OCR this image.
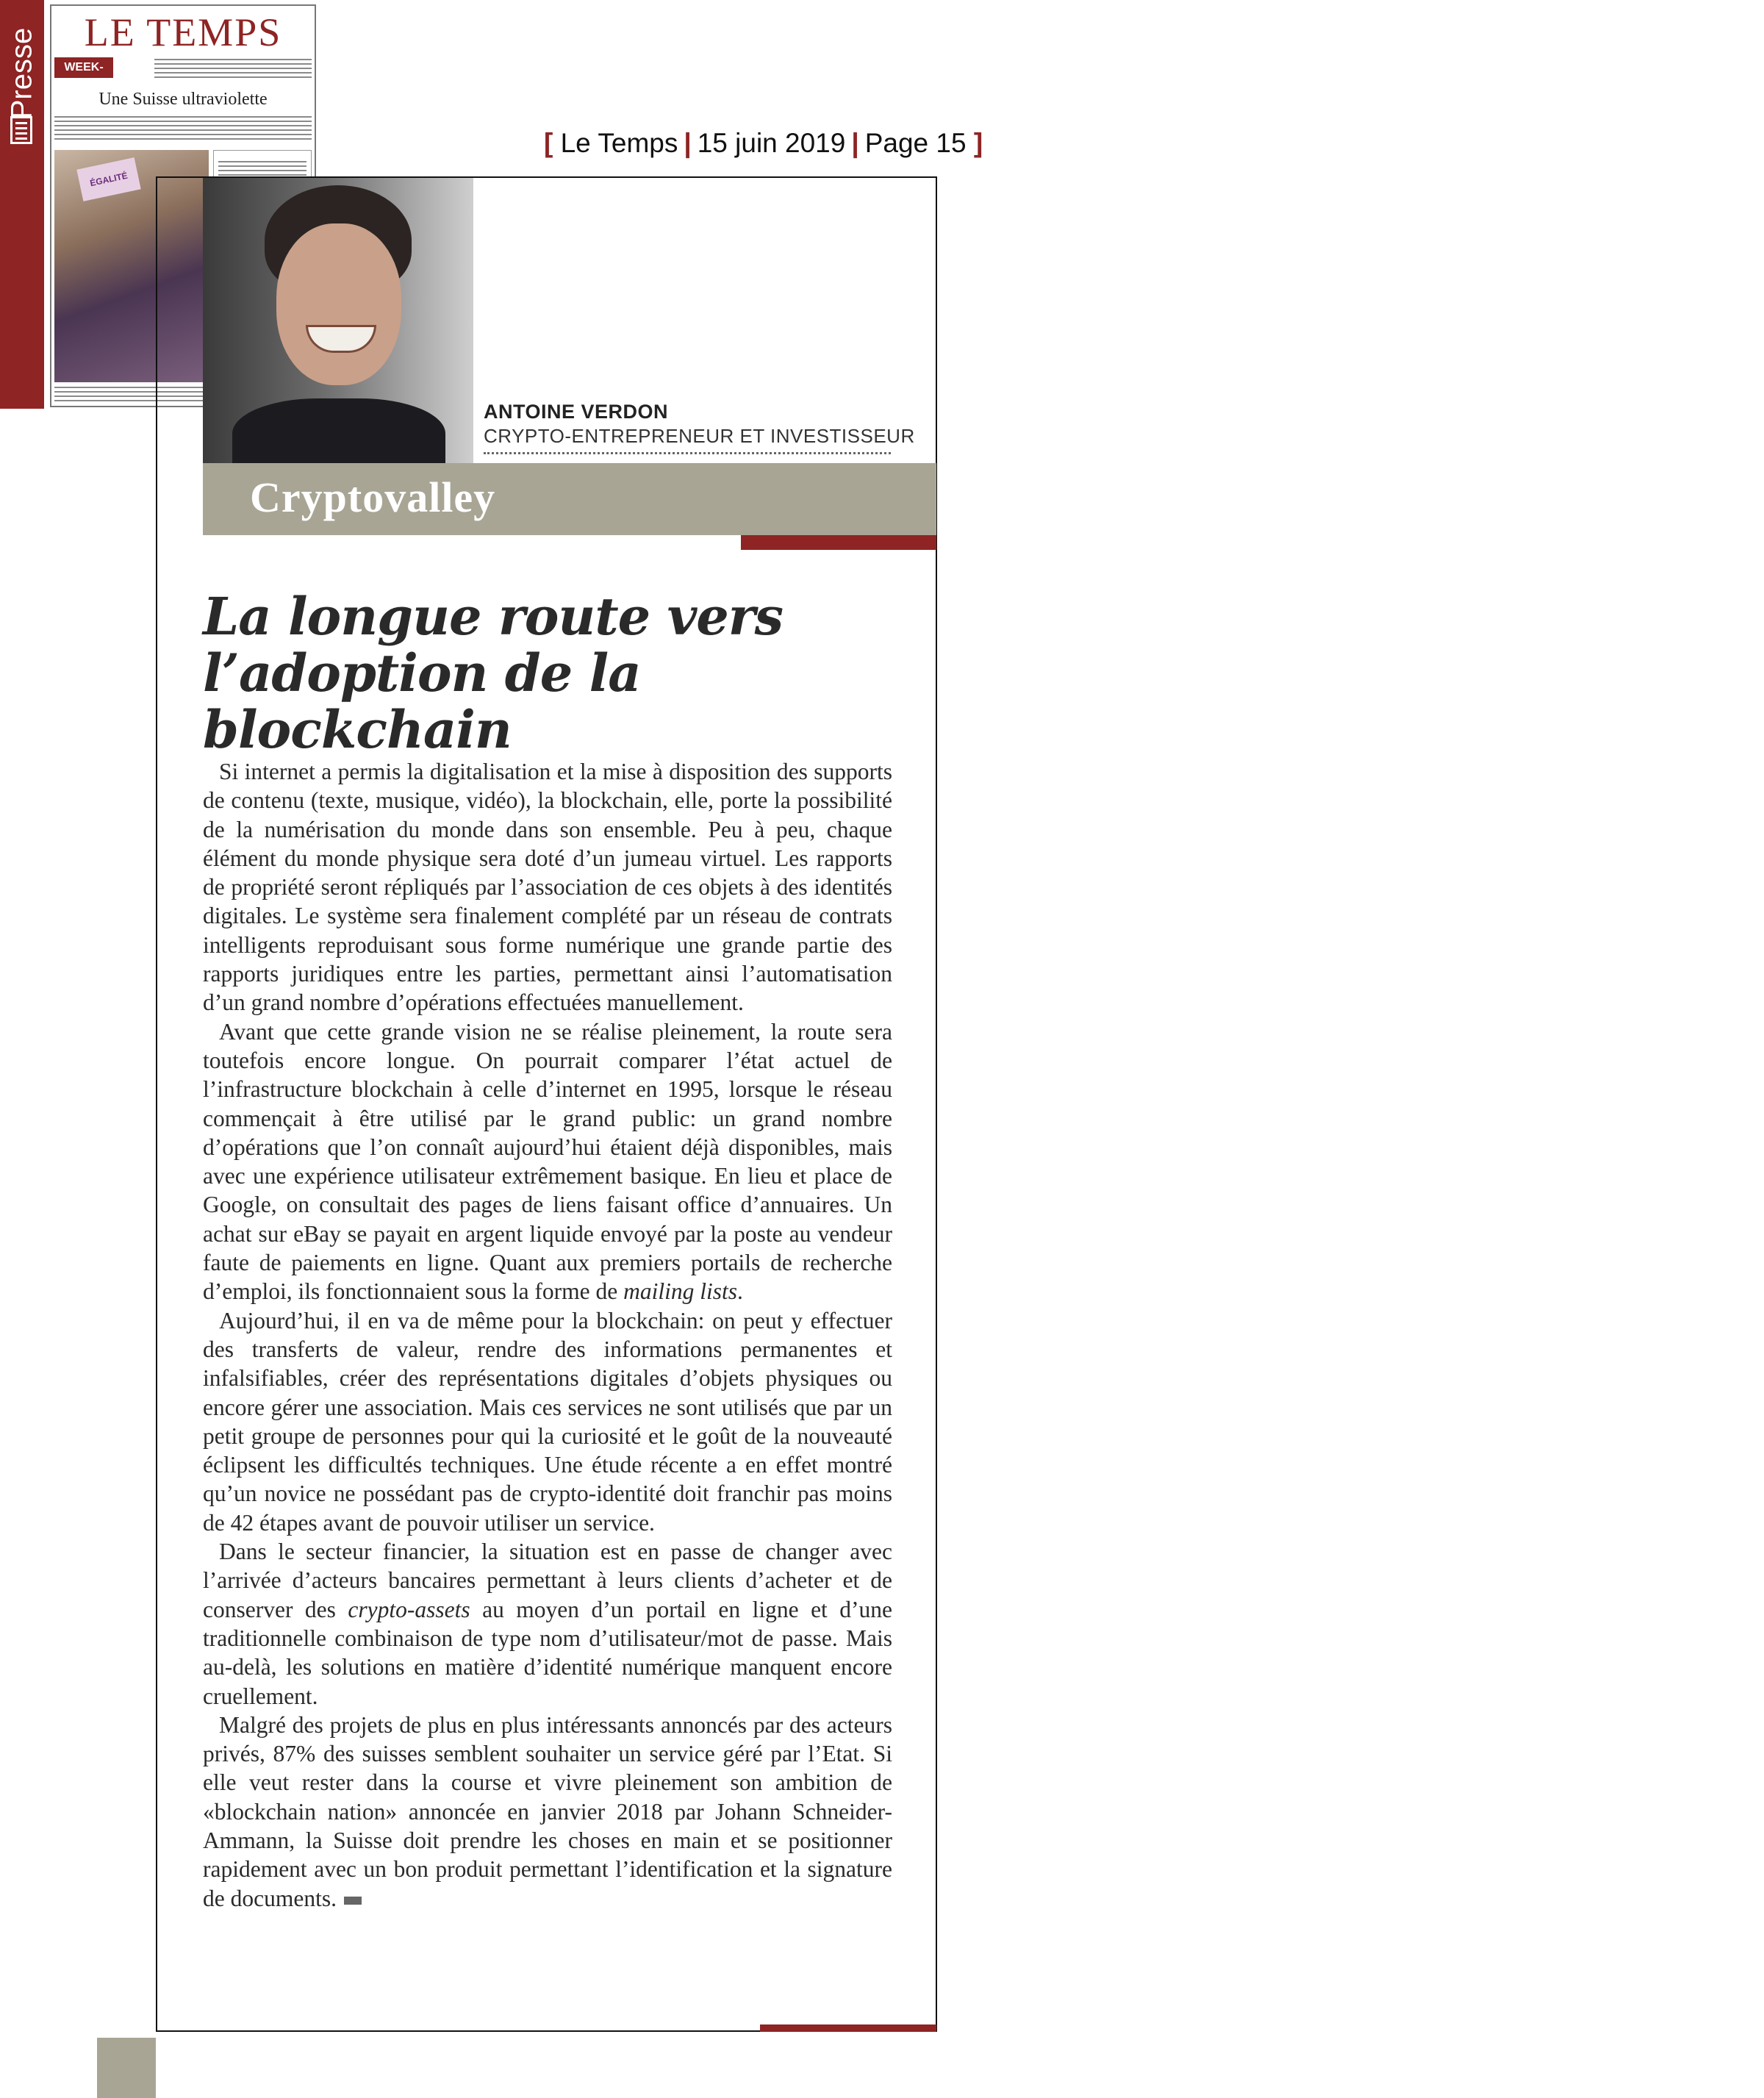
Presse	LE TEMPS
WEEK-END
Une Suisse ultraviolette
ÉGALITÉ
[ Le Temps | 15 juin 2019 | Page 15 ]
ANTOINE VERDON
CRYPTO-ENTREPRENEUR ET INVESTISSEUR
Cryptovalley
La longue route vers
l’adoption de la blockchain

Si internet a permis la digitalisation et la mise à disposition des supports de contenu (texte, musique, vidéo), la blockchain, elle, porte la possibilité de la numérisation du monde dans son ensemble. Peu à peu, chaque élément du monde physique sera doté d’un jumeau virtuel. Les rapports de propriété seront répliqués par l’association de ces objets à des identités digitales. Le système sera finalement complété par un réseau de contrats intelligents reproduisant sous forme numérique une grande partie des rapports juridiques entre les parties, permettant ainsi l’automatisation d’un grand nombre d’opérations effectuées manuellement.

Avant que cette grande vision ne se réalise pleinement, la route sera toutefois encore longue. On pourrait comparer l’état actuel de l’infrastructure blockchain à celle d’internet en 1995, lorsque le réseau commençait à être utilisé par le grand public: un grand nombre d’opérations que l’on connaît aujourd’hui étaient déjà disponibles, mais avec une expérience utilisateur extrêmement basique. En lieu et place de Google, on consultait des pages de liens faisant office d’annuaires. Un achat sur eBay se payait en argent liquide envoyé par la poste au vendeur faute de paiements en ligne. Quant aux premiers portails de recherche d’emploi, ils fonctionnaient sous la forme de mailing lists.

Aujourd’hui, il en va de même pour la blockchain: on peut y effectuer des transferts de valeur, rendre des informations permanentes et infalsifiables, créer des représentations digitales d’objets physiques ou encore gérer une association. Mais ces services ne sont utilisés que par un petit groupe de personnes pour qui la curiosité et le goût de la nouveauté éclipsent les difficultés techniques. Une étude récente a en effet montré qu’un novice ne possédant pas de crypto-identité doit franchir pas moins de 42 étapes avant de pouvoir utiliser un service.

Dans le secteur financier, la situation est en passe de changer avec l’arrivée d’acteurs bancaires permettant à leurs clients d’acheter et de conserver des crypto-assets au moyen d’un portail en ligne et d’une traditionnelle combinaison de type nom d’utilisateur/mot de passe. Mais au-delà, les solutions en matière d’identité numérique manquent encore cruellement.

Malgré des projets de plus en plus intéressants annoncés par des acteurs privés, 87% des suisses semblent souhaiter un service géré par l’Etat. Si elle veut rester dans la course et vivre pleinement son ambition de «blockchain nation» annoncée en janvier 2018 par Johann Schneider-Ammann, la Suisse doit prendre les choses en main et se positionner rapidement avec un bon produit permettant l’identification et la signature de documents.
